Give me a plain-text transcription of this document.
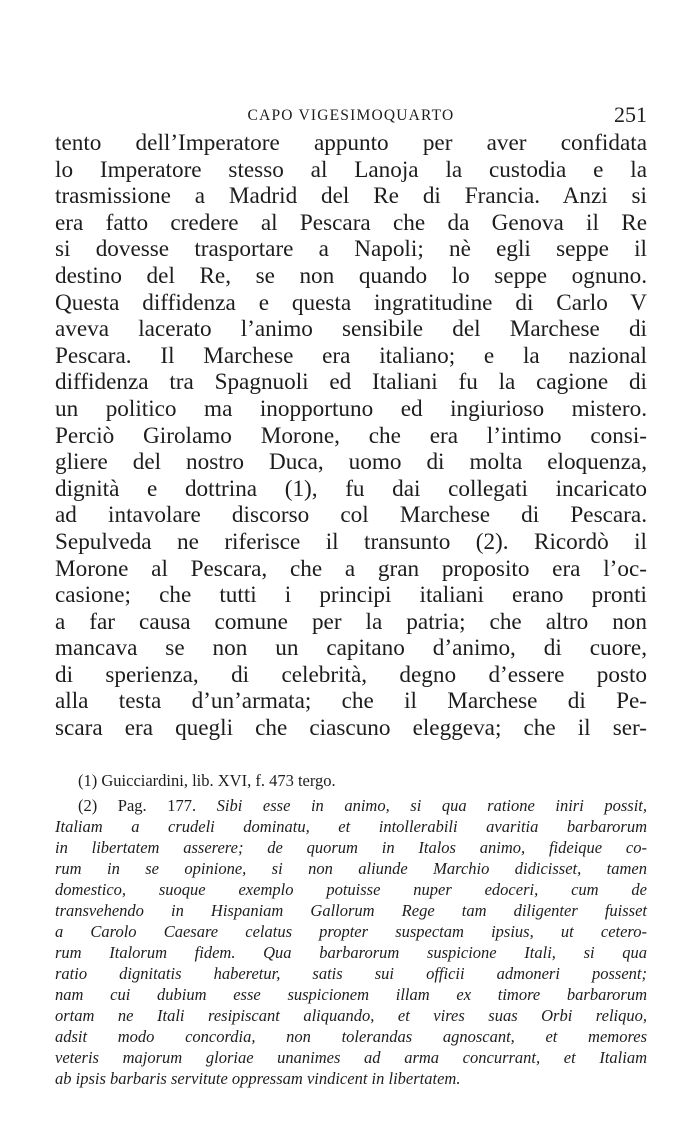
CAPO VIGESIMOQUARTO	251
tento dell’Imperatore appunto per aver confidata
lo Imperatore stesso al Lanoja la custodia e la
trasmissione a Madrid del Re di Francia. Anzi si
era fatto credere al Pescara che da Genova il Re
si dovesse trasportare a Napoli; nè egli seppe il
destino del Re, se non quando lo seppe ognuno.
Questa diffidenza e questa ingratitudine di Carlo V
aveva lacerato l’animo sensibile del Marchese di
Pescara. Il Marchese era italiano; e la nazional
diffidenza tra Spagnuoli ed Italiani fu la cagione di
un politico ma inopportuno ed ingiurioso mistero.
Perciò Girolamo Morone, che era l’intimo consi-
gliere del nostro Duca, uomo di molta eloquenza,
dignità e dottrina (1), fu dai collegati incaricato
ad intavolare discorso col Marchese di Pescara.
Sepulveda ne riferisce il transunto (2). Ricordò il
Morone al Pescara, che a gran proposito era l’oc-
casione; che tutti i principi italiani erano pronti
a far causa comune per la patria; che altro non
mancava se non un capitano d’animo, di cuore,
di sperienza, di celebrità, degno d’essere posto
alla testa d’un’armata; che il Marchese di Pe-
scara era quegli che ciascuno eleggeva; che il ser-
(1) Guicciardini, lib. XVI, f. 473 tergo.
(2) Pag. 177. Sibi esse in animo, si qua ratione iniri possit,
Italiam a crudeli dominatu, et intollerabili avaritia barbarorum
in libertatem asserere; de quorum in Italos animo, fideique co-
rum in se opinione, si non aliunde Marchio didicisset, tamen
domestico, suoque exemplo potuisse nuper edoceri, cum de
transvehendo in Hispaniam Gallorum Rege tam diligenter fuisset
a Carolo Caesare celatus propter suspectam ipsius, ut cetero-
rum Italorum fidem. Qua barbarorum suspicione Itali, si qua
ratio dignitatis haberetur, satis sui officii admoneri possent;
nam cui dubium esse suspicionem illam ex timore barbarorum
ortam ne Itali resipiscant aliquando, et vires suas Orbi reliquo,
adsit modo concordia, non tolerandas agnoscant, et memores
veteris majorum gloriae unanimes ad arma concurrant, et Italiam
ab ipsis barbaris servitute oppressam vindicent in libertatem.
